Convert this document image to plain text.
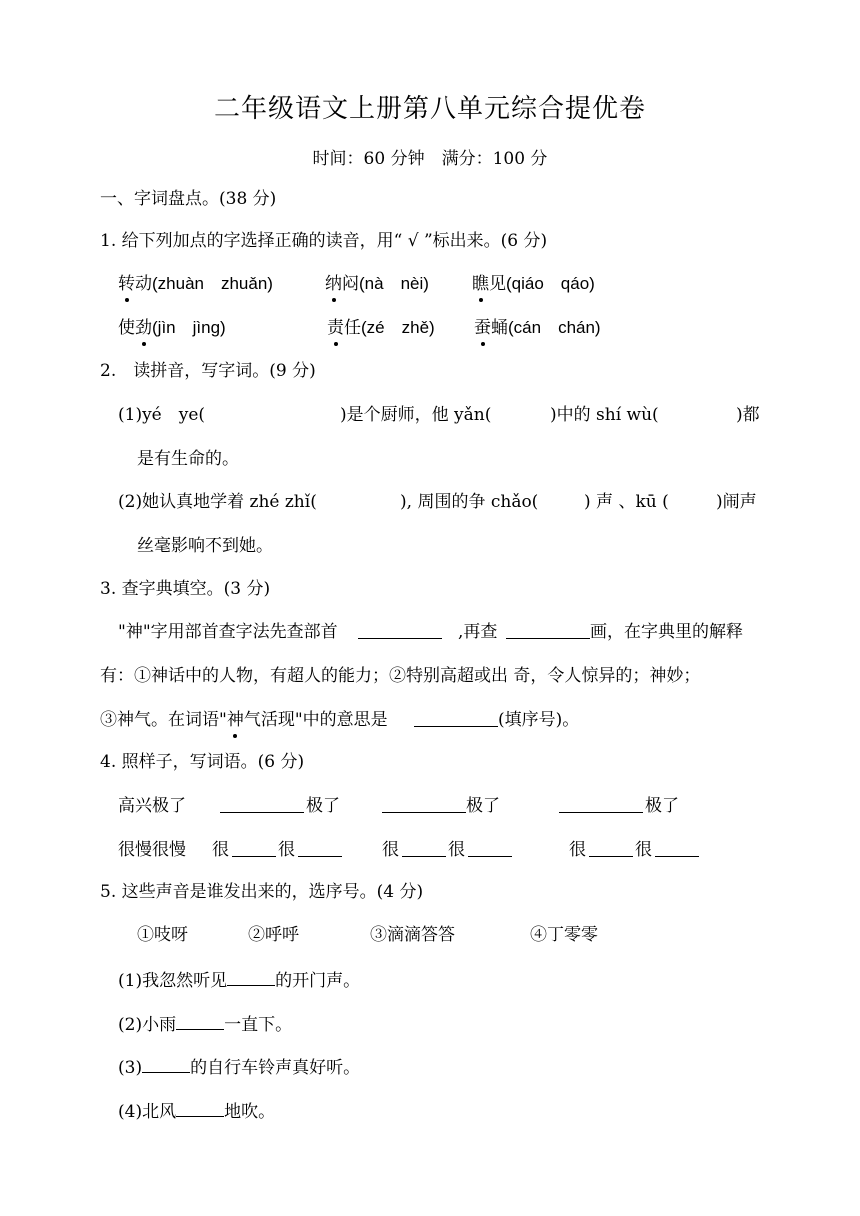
二年级语文上册第八单元综合提优卷
时间：60 分钟　满分：100 分
一、字词盘点。(38 分)
1. 给下列加点的字选择正确的读音，用“ √ ”标出来。(6 分)
转动(zhuàn　zhuǎn)	纳闷(nà　nèi)	瞧见(qiáo　qáo)
使劲(jìn　jìng)	责任(zé　zhě) 蚕蛹(cán　chán)
2.　读拼音，写字词。(9 分)
(1)yé　ye(	)是个厨师，他 yǎn(	)中的 shí wù(	)都
是有生命的。
(2)她认真地学着 zhé zhǐ(	), 周围的争 chǎo(	) 声 、kū (	)闹声
丝毫影响不到她。
3. 查字典填空。(3 分)
"神"字用部首查字法先查部首	,再查	画，在字典里的解释
有：①神话中的人物，有超人的能力；②特别高超或出 奇，令人惊异的；神妙；
③神气。在词语"神气活现"中的意思是	(填序号)。
4. 照样子，写词语。(6 分)
高兴极了	极了	极了	极了
很慢很慢 很	很	很	很	很	很
5. 这些声音是谁发出来的，选序号。(4 分)
①吱呀	②呼呼	③滴滴答答	④丁零零
(1)我忽然听见	的开门声。
(2)小雨	一直下。
(3)	的自行车铃声真好听。
(4)北风	地吹。
